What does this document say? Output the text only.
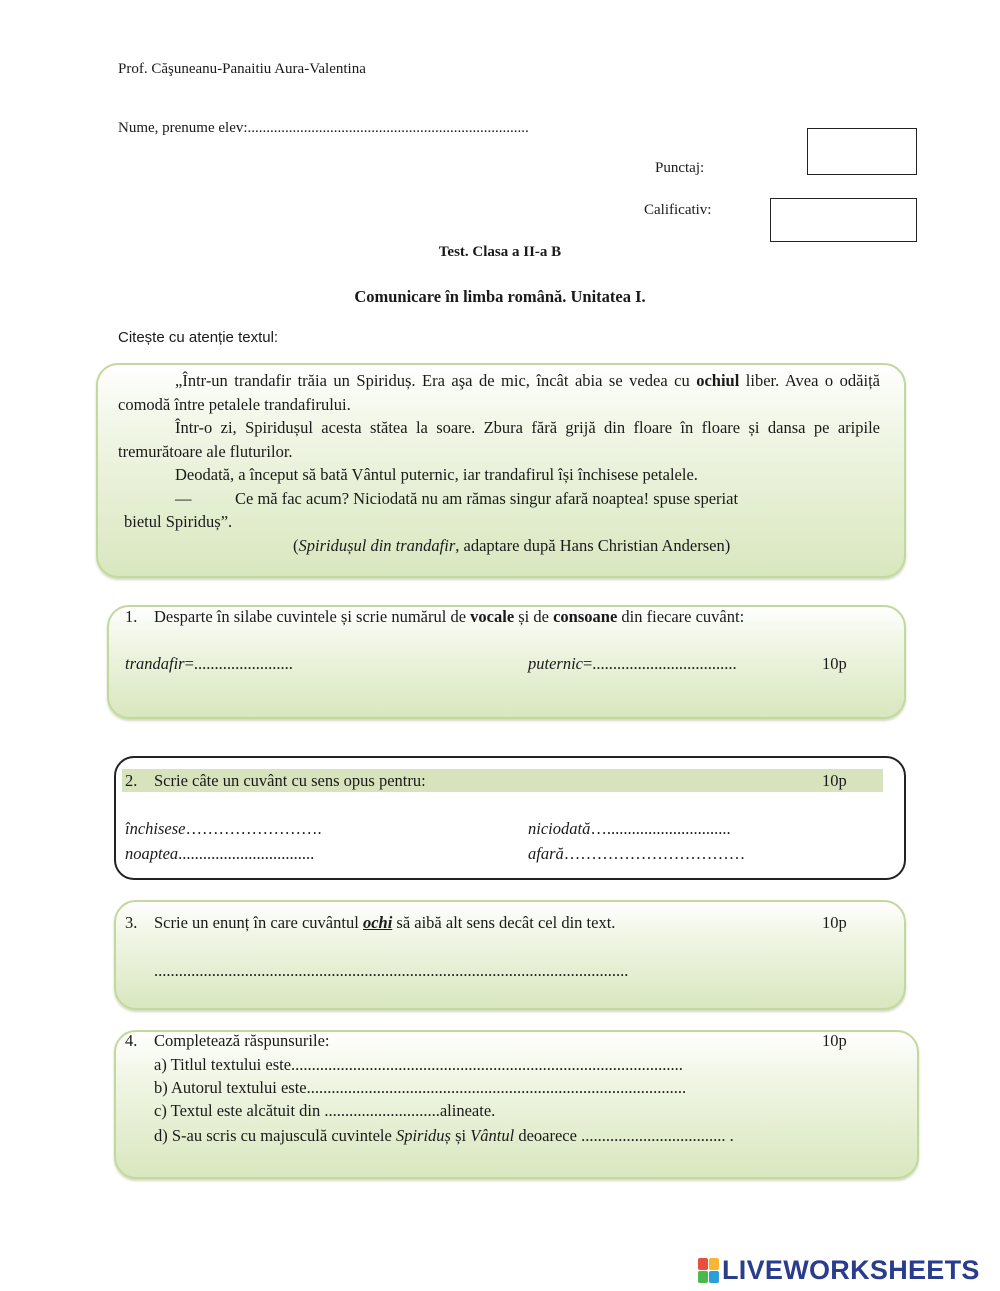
Prof. Căşuneanu-Panaitiu Aura-Valentina
Nume, prenume elev:...........................................................................
Punctaj:
Calificativ:
Test. Clasa a II-a B
Comunicare în limba română. Unitatea I.
Citește cu atenție textul:

„Într-un trandafir trăia un Spiriduș. Era aşa de mic, încât abia se vedea cu ochiul liber. Avea o odăiță comodă între petalele trandafirului.

Într-o zi, Spiridușul acesta stătea la soare. Zbura fără grijă din floare în floare și dansa pe aripile tremurătoare ale fluturilor.

Deodată, a început să bată Vântul puternic, iar trandafirul își închisese petalele.

—	Ce mă fac acum? Niciodată nu am rămas singur afară noaptea! spuse speriat

bietul Spiriduș”.

(Spiridușul din trandafir, adaptare după Hans Christian Andersen)

1. Desparte în silabe cuvintele și scrie numărul de vocale și de consoane din fiecare cuvânt:
trandafir=........................	puternic=...................................	10p
2. Scrie câte un cuvânt cu sens opus pentru:	10p
închisese…………………….	niciodată…..............................
noaptea.................................	afară……………………………
3. Scrie un enunț în care cuvântul ochi să aibă alt sens decât cel din text.	10p
...................................................................................................................
4. Completează răspunsurile:	10p
a) Titlul textului este...............................................................................................
b) Autorul textului este............................................................................................
c) Textul este alcătuit din ............................alineate.
d) S-au scris cu majusculă cuvintele Spiriduș și Vântul deoarece ................................... .
LIVEWORKSHEETS
